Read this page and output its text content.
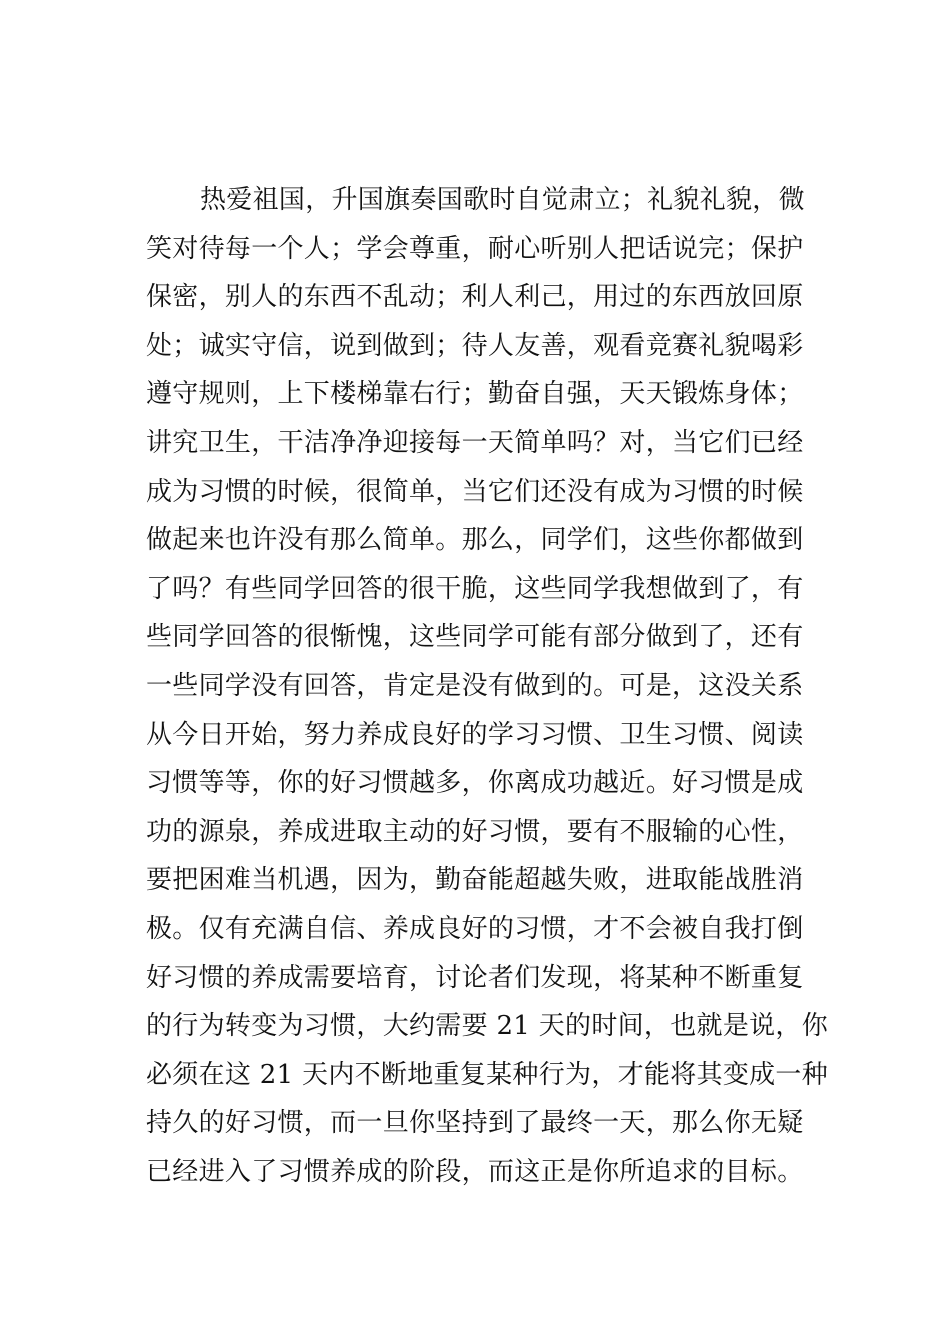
热爱祖国，升国旗奏国歌时自觉肃立；礼貌礼貌，微
笑对待每一个人；学会尊重，耐心听别人把话说完；保护
保密，别人的东西不乱动；利人利己，用过的东西放回原
处；诚实守信，说到做到；待人友善，观看竞赛礼貌喝彩
遵守规则，上下楼梯靠右行；勤奋自强，天天锻炼身体；
讲究卫生，干洁净净迎接每一天简单吗？对，当它们已经
成为习惯的时候，很简单，当它们还没有成为习惯的时候
做起来也许没有那么简单。那么，同学们，这些你都做到
了吗？有些同学回答的很干脆，这些同学我想做到了，有
些同学回答的很惭愧，这些同学可能有部分做到了，还有
一些同学没有回答，肯定是没有做到的。可是，这没关系
从今日开始，努力养成良好的学习习惯、卫生习惯、阅读
习惯等等，你的好习惯越多，你离成功越近。好习惯是成
功的源泉，养成进取主动的好习惯，要有不服输的心性，
要把困难当机遇，因为，勤奋能超越失败，进取能战胜消
极。仅有充满自信、养成良好的习惯，才不会被自我打倒
好习惯的养成需要培育，讨论者们发现，将某种不断重复
的行为转变为习惯，大约需要 21 天的时间，也就是说，你
必须在这 21 天内不断地重复某种行为，才能将其变成一种
持久的好习惯，而一旦你坚持到了最终一天，那么你无疑
已经进入了习惯养成的阶段，而这正是你所追求的目标。
